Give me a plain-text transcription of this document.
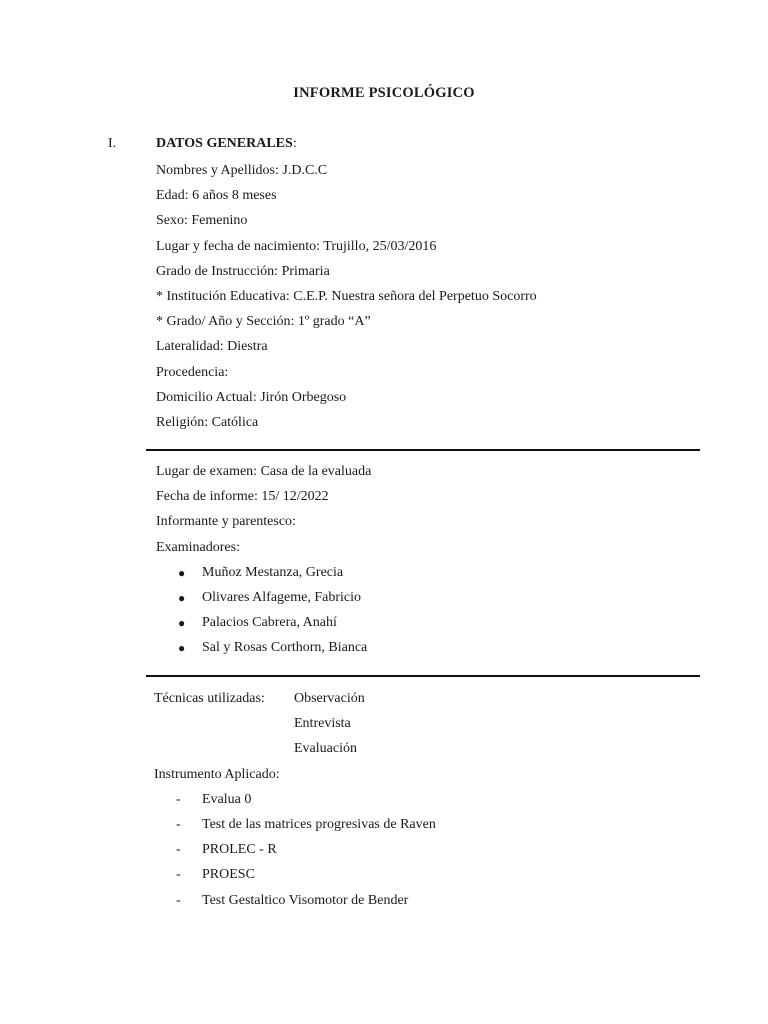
INFORME PSICOLÓGICO
I.	DATOS GENERALES:
Nombres y Apellidos: J.D.C.C
Edad: 6 años 8 meses
Sexo: Femenino
Lugar y fecha de nacimiento: Trujillo, 25/03/2016
Grado de Instrucción: Primaria
* Institución Educativa: C.E.P. Nuestra señora del Perpetuo Socorro
* Grado/ Año y Sección: 1º grado “A”
Lateralidad: Diestra
Procedencia:
Domicilio Actual: Jirón Orbegoso
Religión: Católica
Lugar de examen: Casa de la evaluada
Fecha de informe: 15/ 12/2022
Informante y parentesco:
Examinadores:
●	Muñoz Mestanza, Grecia
●	Olivares Alfageme, Fabricio
●	Palacios Cabrera, Anahí
●	Sal y Rosas Corthorn, Bianca
Técnicas utilizadas:	Observación
Entrevista
Evaluación
Instrumento Aplicado:
-	Evalua 0
-	Test de las matrices progresivas de Raven
-	PROLEC - R
-	PROESC
-	Test Gestaltico Visomotor de Bender
